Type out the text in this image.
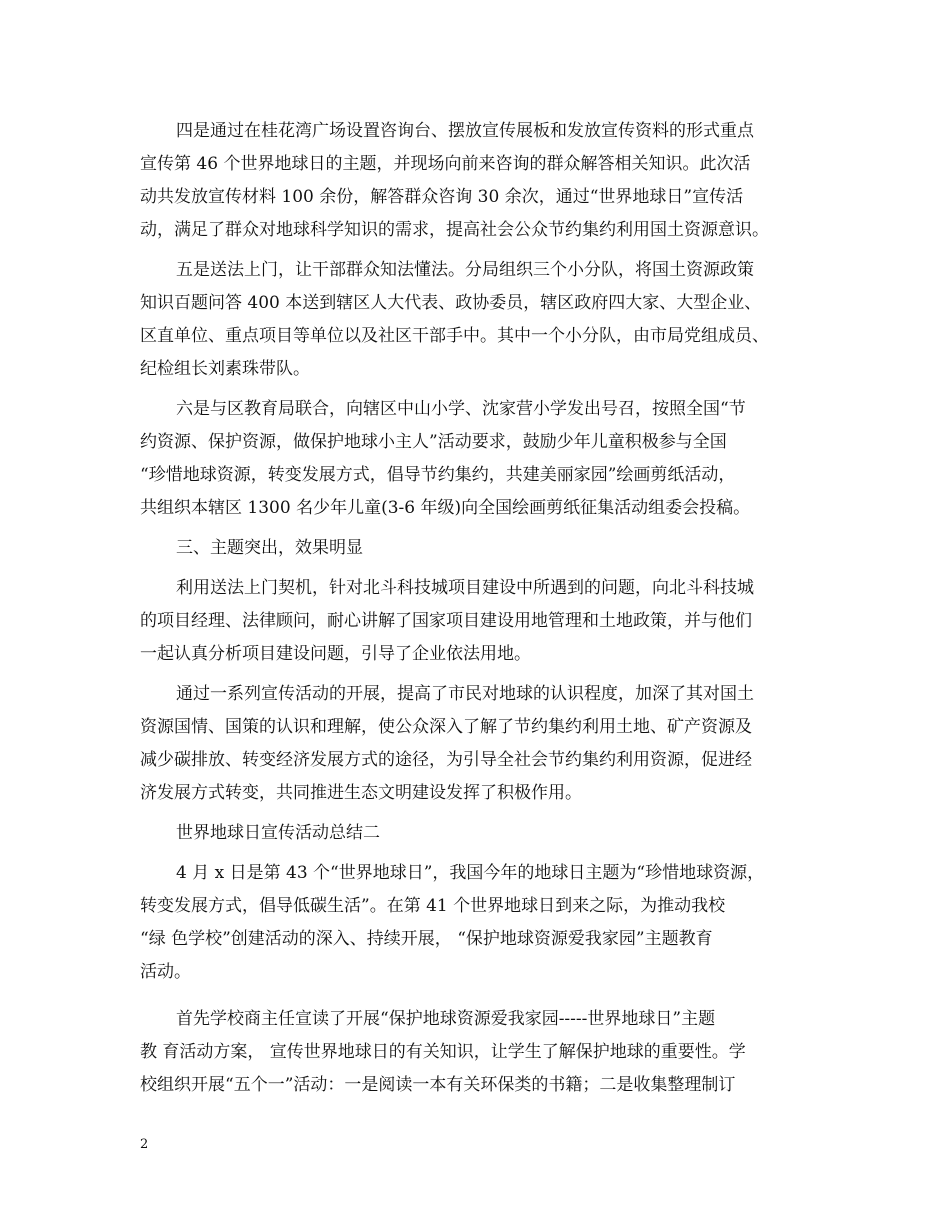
四是通过在桂花湾广场设置咨询台、摆放宣传展板和发放宣传资料的形式重点
宣传第 46 个世界地球日的主题，并现场向前来咨询的群众解答相关知识。此次活
动共发放宣传材料 100 余份，解答群众咨询 30 余次，通过“世界地球日”宣传活
动，满足了群众对地球科学知识的需求，提高社会公众节约集约利用国土资源意识。
五是送法上门，让干部群众知法懂法。分局组织三个小分队，将国土资源政策
知识百题问答 400 本送到辖区人大代表、政协委员，辖区政府四大家、大型企业、
区直单位、重点项目等单位以及社区干部手中。其中一个小分队，由市局党组成员、
纪检组长刘素珠带队。
六是与区教育局联合，向辖区中山小学、沈家营小学发出号召，按照全国“节
约资源、保护资源，做保护地球小主人”活动要求，鼓励少年儿童积极参与全国
“珍惜地球资源，转变发展方式，倡导节约集约，共建美丽家园”绘画剪纸活动，
共组织本辖区 1300 名少年儿童(3-6 年级)向全国绘画剪纸征集活动组委会投稿。
三、主题突出，效果明显
利用送法上门契机，针对北斗科技城项目建设中所遇到的问题，向北斗科技城
的项目经理、法律顾问，耐心讲解了国家项目建设用地管理和土地政策，并与他们
一起认真分析项目建设问题，引导了企业依法用地。
通过一系列宣传活动的开展，提高了市民对地球的认识程度，加深了其对国土
资源国情、国策的认识和理解，使公众深入了解了节约集约利用土地、矿产资源及
减少碳排放、转变经济发展方式的途径，为引导全社会节约集约利用资源，促进经
济发展方式转变，共同推进生态文明建设发挥了积极作用。
世界地球日宣传活动总结二
4 月 x 日是第 43 个“世界地球日”，我国今年的地球日主题为“珍惜地球资源，
转变发展方式，倡导低碳生活”。在第 41 个世界地球日到来之际，为推动我校
“绿 色学校”创建活动的深入、持续开展， “保护地球资源爱我家园”主题教育
活动。
首先学校商主任宣读了开展“保护地球资源爱我家园-----世界地球日”主题
教 育活动方案， 宣传世界地球日的有关知识，让学生了解保护地球的重要性。学
校组织开展“五个一”活动：一是阅读一本有关环保类的书籍；二是收集整理制订
2
